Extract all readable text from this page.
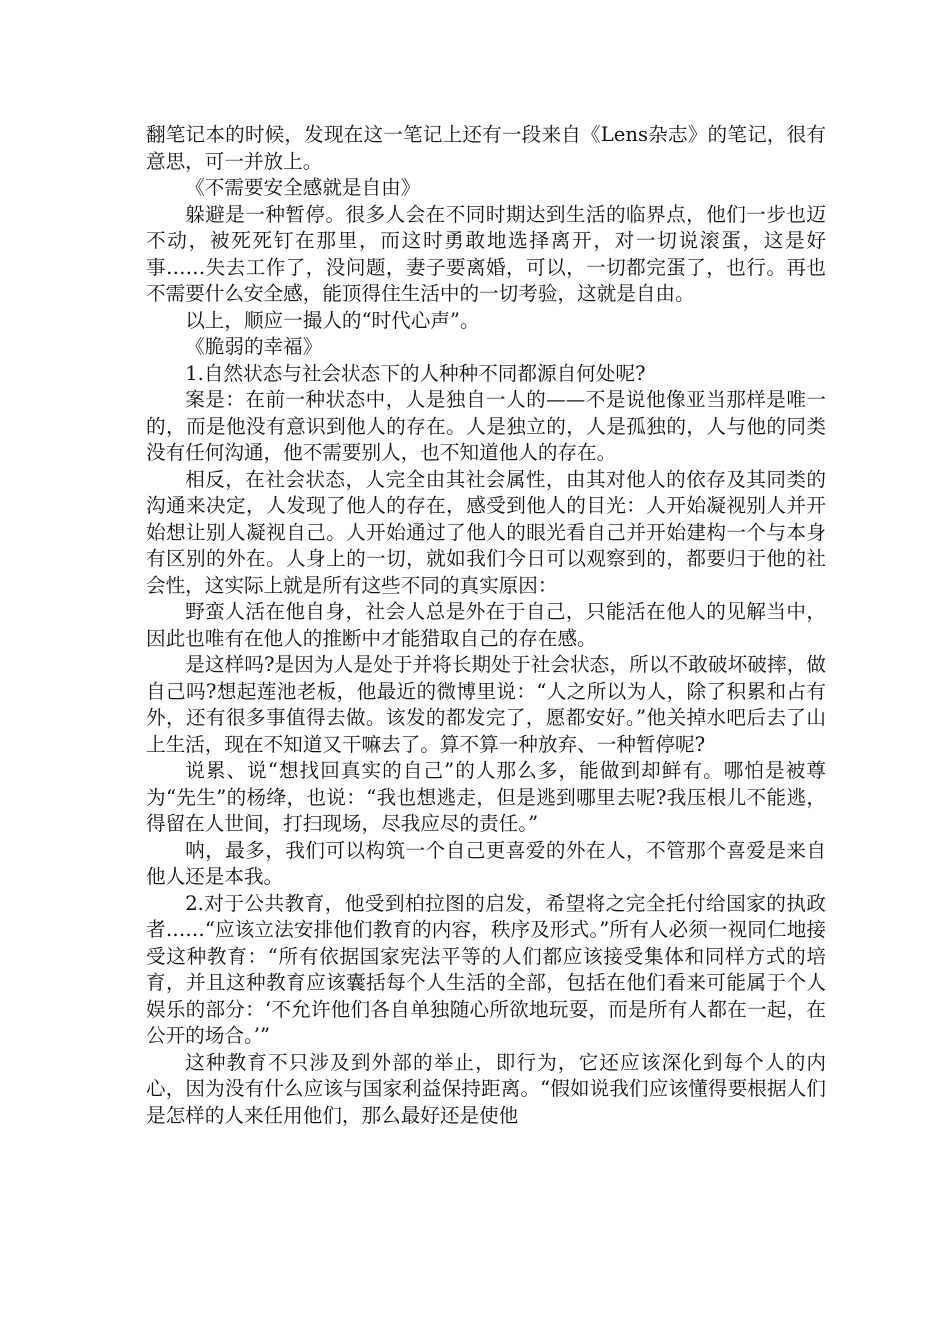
翻笔记本的时候，发现在这一笔记上还有一段来自《Lens杂志》的笔记，很有意思，可一并放上。

《不需要安全感就是自由》

躲避是一种暂停。很多人会在不同时期达到生活的临界点，他们一步也迈不动，被死死钉在那里，而这时勇敢地选择离开，对一切说滚蛋，这是好事……失去工作了，没问题，妻子要离婚，可以，一切都完蛋了，也行。再也不需要什么安全感，能顶得住生活中的一切考验，这就是自由。

以上，顺应一撮人的“时代心声”。

《脆弱的幸福》

1.自然状态与社会状态下的人种种不同都源自何处呢?

案是：在前一种状态中，人是独自一人的——不是说他像亚当那样是唯一的，而是他没有意识到他人的存在。人是独立的，人是孤独的，人与他的同类没有任何沟通，他不需要别人，也不知道他人的存在。

相反，在社会状态，人完全由其社会属性，由其对他人的依存及其同类的沟通来决定，人发现了他人的存在，感受到他人的目光：人开始凝视别人并开始想让别人凝视自己。人开始通过了他人的眼光看自己并开始建构一个与本身有区别的外在。人身上的一切，就如我们今日可以观察到的，都要归于他的社会性，这实际上就是所有这些不同的真实原因：

野蛮人活在他自身，社会人总是外在于自己，只能活在他人的见解当中，因此也唯有在他人的推断中才能猎取自己的存在感。

是这样吗?是因为人是处于并将长期处于社会状态，所以不敢破坏破摔，做自己吗?想起莲池老板，他最近的微博里说：“人之所以为人，除了积累和占有外，还有很多事值得去做。该发的都发完了，愿都安好。”他关掉水吧后去了山上生活，现在不知道又干嘛去了。算不算一种放弃、一种暂停呢?

说累、说“想找回真实的自己”的人那么多，能做到却鲜有。哪怕是被尊为“先生”的杨绛，也说：“我也想逃走，但是逃到哪里去呢?我压根儿不能逃，得留在人世间，打扫现场，尽我应尽的责任。”

呐，最多，我们可以构筑一个自己更喜爱的外在人，不管那个喜爱是来自他人还是本我。

2.对于公共教育，他受到柏拉图的启发，希望将之完全托付给国家的执政者……“应该立法安排他们教育的内容，秩序及形式。”所有人必须一视同仁地接受这种教育：“所有依据国家宪法平等的人们都应该接受集体和同样方式的培育，并且这种教育应该囊括每个人生活的全部，包括在他们看来可能属于个人娱乐的部分：‘不允许他们各自单独随心所欲地玩耍，而是所有人都在一起，在公开的场合。’”

这种教育不只涉及到外部的举止，即行为，它还应该深化到每个人的内心，因为没有什么应该与国家利益保持距离。“假如说我们应该懂得要根据人们是怎样的人来任用他们，那么最好还是使他
